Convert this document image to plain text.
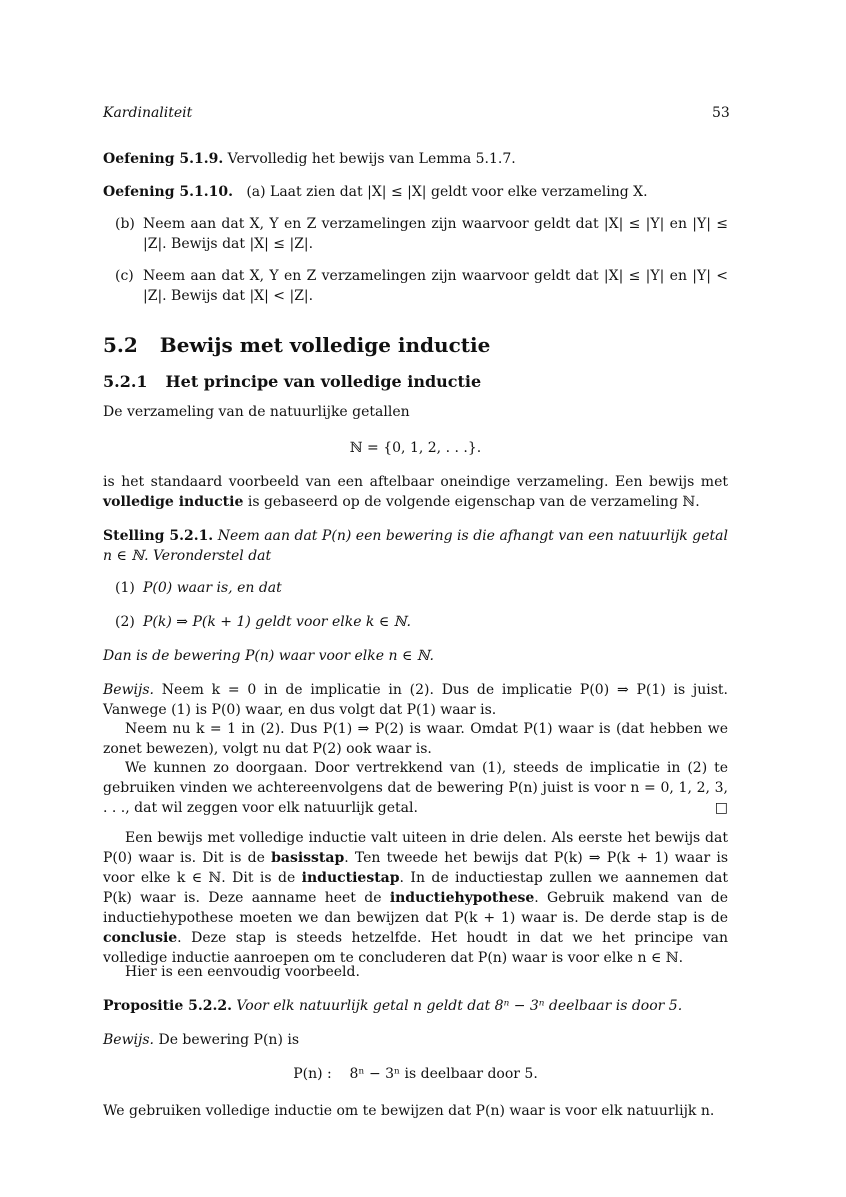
Kardinaliteit	53

Oefening 5.1.9. Vervolledig het bewijs van Lemma 5.1.7.

Oefening 5.1.10.   (a) Laat zien dat |X| ≤ |X| geldt voor elke verzameling X.

(b) Neem aan dat X, Y en Z verzamelingen zijn waarvoor geldt dat |X| ≤ |Y| en |Y| ≤ |Z|. Bewijs dat |X| ≤ |Z|.
(c) Neem aan dat X, Y en Z verzamelingen zijn waarvoor geldt dat |X| ≤ |Y| en |Y| < |Z|. Bewijs dat |X| < |Z|.
5.2 Bewijs met volledige inductie
5.2.1 Het principe van volledige inductie

De verzameling van de natuurlijke getallen

ℕ = {0, 1, 2, . . .}.

is het standaard voorbeeld van een aftelbaar oneindige verzameling. Een bewijs met volledige inductie is gebaseerd op de volgende eigenschap van de verzameling ℕ.

Stelling 5.2.1. Neem aan dat P(n) een bewering is die afhangt van een natuurlijk getal n ∈ ℕ. Veronderstel dat

(1) P(0) waar is, en dat
(2) P(k) ⇒ P(k + 1) geldt voor elke k ∈ ℕ.

Dan is de bewering P(n) waar voor elke n ∈ ℕ.

Bewijs. Neem k = 0 in de implicatie in (2). Dus de implicatie P(0) ⇒ P(1) is juist. Vanwege (1) is P(0) waar, en dus volgt dat P(1) waar is.

Neem nu k = 1 in (2). Dus P(1) ⇒ P(2) is waar. Omdat P(1) waar is (dat hebben we zonet bewezen), volgt nu dat P(2) ook waar is.

We kunnen zo doorgaan. Door vertrekkend van (1), steeds de implicatie in (2) te gebruiken vinden we achtereenvolgens dat de bewering P(n) juist is voor n = 0, 1, 2, 3, . . ., dat wil zeggen voor elk natuurlijk getal.	□

Een bewijs met volledige inductie valt uiteen in drie delen. Als eerste het bewijs dat P(0) waar is. Dit is de basisstap. Ten tweede het bewijs dat P(k) ⇒ P(k + 1) waar is voor elke k ∈ ℕ. Dit is de inductiestap. In de inductiestap zullen we aannemen dat P(k) waar is. Deze aanname heet de inductiehypothese. Gebruik makend van de inductiehypothese moeten we dan bewijzen dat P(k + 1) waar is. De derde stap is de conclusie. Deze stap is steeds hetzelfde. Het houdt in dat we het principe van volledige inductie aanroepen om te concluderen dat P(n) waar is voor elke n ∈ ℕ.

Hier is een eenvoudig voorbeeld.

Propositie 5.2.2. Voor elk natuurlijk getal n geldt dat 8ⁿ − 3ⁿ deelbaar is door 5.

Bewijs. De bewering P(n) is

P(n) :    8ⁿ − 3ⁿ is deelbaar door 5.

We gebruiken volledige inductie om te bewijzen dat P(n) waar is voor elk natuurlijk n.
